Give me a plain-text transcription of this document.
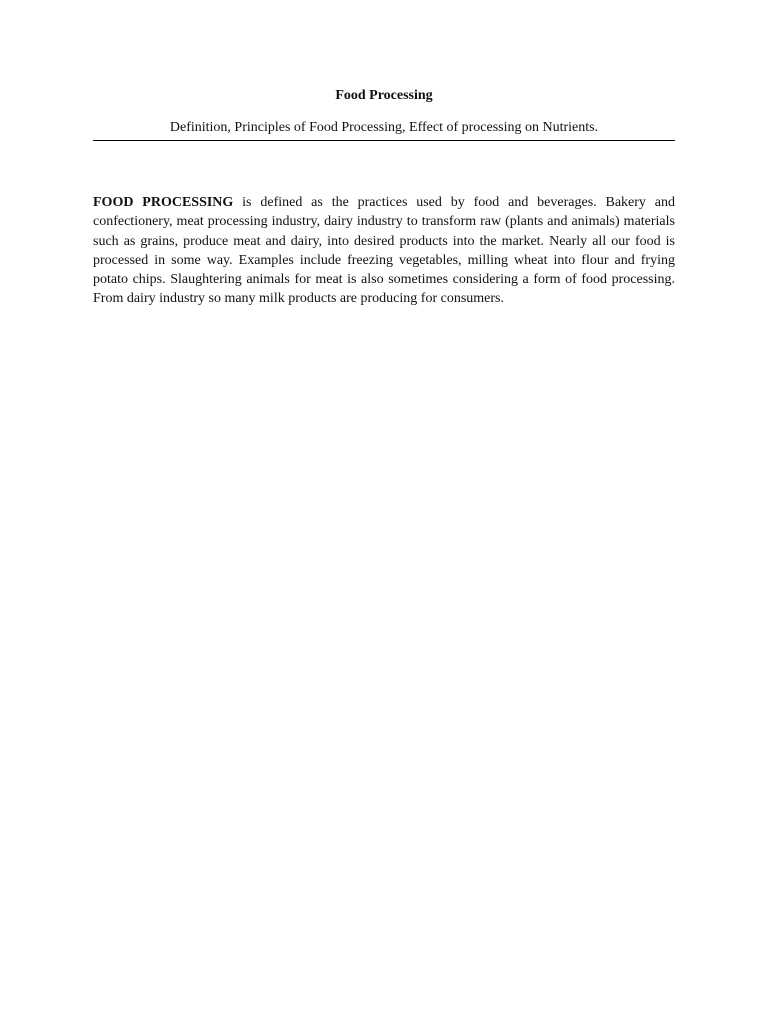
Food Processing
Definition, Principles of Food Processing, Effect of processing on Nutrients.

FOOD PROCESSING is defined as the practices used by food and beverages. Bakery and confectionery, meat processing industry, dairy industry to transform raw (plants and animals) materials such as grains, produce meat and dairy, into desired products into the market. Nearly all our food is processed in some way. Examples include freezing vegetables, milling wheat into flour and frying potato chips. Slaughtering animals for meat is also sometimes considering a form of food processing. From dairy industry so many milk products are producing for consumers.
